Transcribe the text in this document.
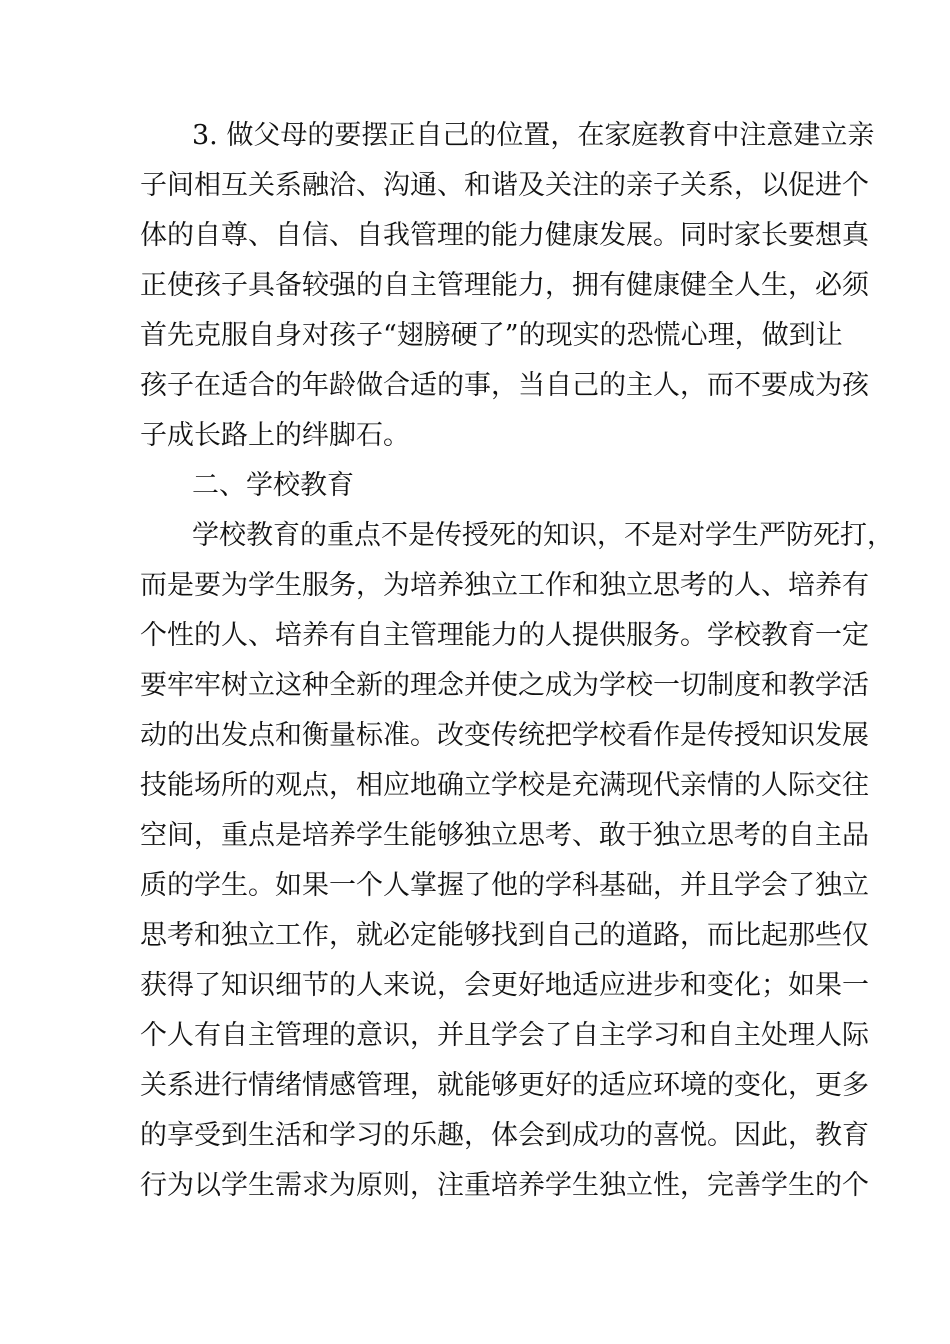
3. 做父母的要摆正自己的位置，在家庭教育中注意建立亲
子间相互关系融洽、沟通、和谐及关注的亲子关系，以促进个
体的自尊、自信、自我管理的能力健康发展。同时家长要想真
正使孩子具备较强的自主管理能力，拥有健康健全人生，必须
首先克服自身对孩子“翅膀硬了”的现实的恐慌心理，做到让
孩子在适合的年龄做合适的事，当自己的主人，而不要成为孩
子成长路上的绊脚石。
二、学校教育
学校教育的重点不是传授死的知识，不是对学生严防死打，
而是要为学生服务，为培养独立工作和独立思考的人、培养有
个性的人、培养有自主管理能力的人提供服务。学校教育一定
要牢牢树立这种全新的理念并使之成为学校一切制度和教学活
动的出发点和衡量标准。改变传统把学校看作是传授知识发展
技能场所的观点，相应地确立学校是充满现代亲情的人际交往
空间，重点是培养学生能够独立思考、敢于独立思考的自主品
质的学生。如果一个人掌握了他的学科基础，并且学会了独立
思考和独立工作，就必定能够找到自己的道路，而比起那些仅
获得了知识细节的人来说，会更好地适应进步和变化；如果一
个人有自主管理的意识，并且学会了自主学习和自主处理人际
关系进行情绪情感管理，就能够更好的适应环境的变化，更多
的享受到生活和学习的乐趣，体会到成功的喜悦。因此，教育
行为以学生需求为原则，注重培养学生独立性，完善学生的个
